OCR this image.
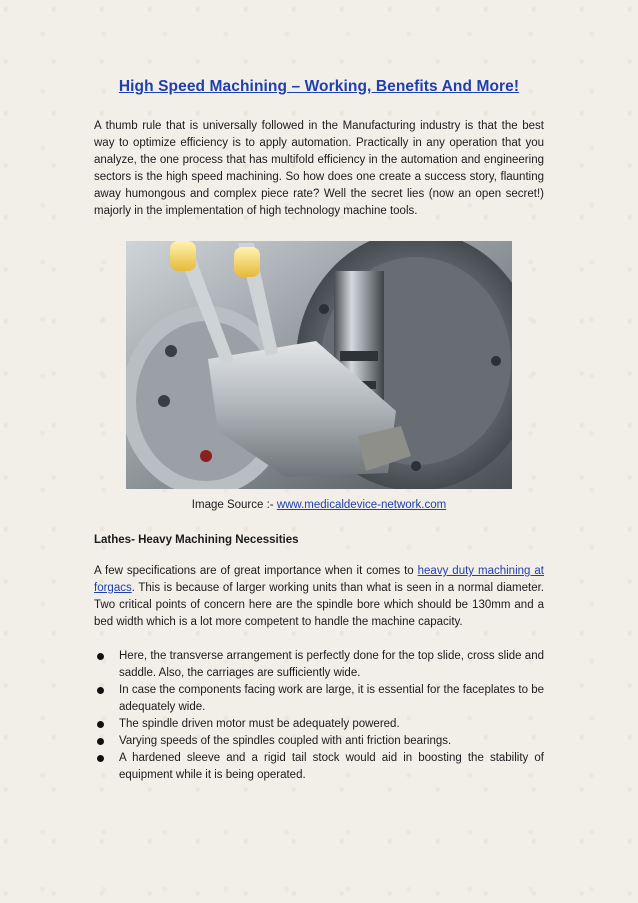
High Speed Machining – Working, Benefits And More!

A thumb rule that is universally followed in the Manufacturing industry is that the best way to optimize efficiency is to apply automation. Practically in any operation that you analyze, the one process that has multifold efficiency in the automation and engineering sectors is the high speed machining. So how does one create a success story, flaunting away humongous and complex piece rate? Well the secret lies (now an open secret!) majorly in the implementation of high technology machine tools.

Image Source :- www.medicaldevice-network.com
Lathes- Heavy Machining Necessities

A few specifications are of great importance when it comes to heavy duty machining at forgacs. This is because of larger working units than what is seen in a normal diameter. Two critical points of concern here are the spindle bore which should be 130mm and a bed width which is a lot more competent to handle the machine capacity.

Here, the transverse arrangement is perfectly done for the top slide, cross slide and saddle. Also, the carriages are sufficiently wide.
In case the components facing work are large, it is essential for the faceplates to be adequately wide.
The spindle driven motor must be adequately powered.
Varying speeds of the spindles coupled with anti friction bearings.
A hardened sleeve and a rigid tail stock would aid in boosting the stability of equipment while it is being operated.
